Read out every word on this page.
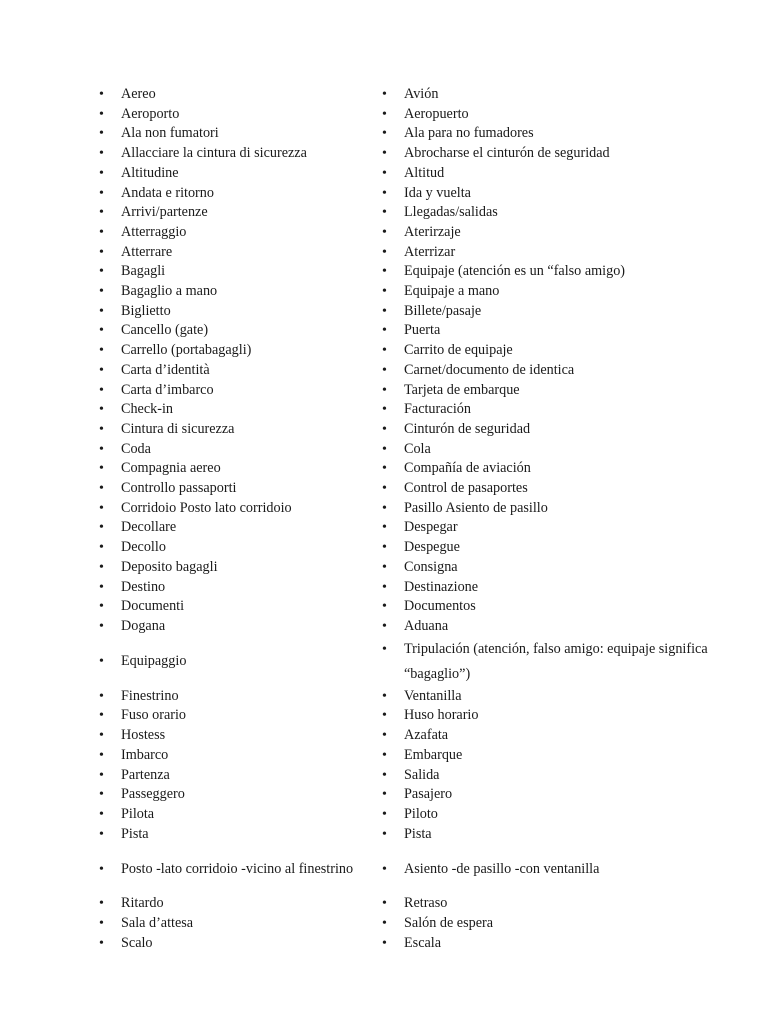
• Aereo	• Avión

• Aeroporto	• Aeropuerto

• Ala non fumatori	• Ala para no fumadores

• Allacciare la cintura di sicurezza	• Abrocharse el cinturón de seguridad

• Altitudine	• Altitud

• Andata e ritorno	• Ida y vuelta

• Arrivi/partenze	• Llegadas/salidas

• Atterraggio	• Aterirzaje

• Atterrare	• Aterrizar

• Bagagli	• Equipaje (atención es un “falso amigo)

• Bagaglio a mano	• Equipaje a mano

• Biglietto	• Billete/pasaje

• Cancello (gate)	• Puerta

• Carrello (portabagagli)	• Carrito de equipaje

• Carta d’identità	• Carnet/documento de identica

• Carta d’imbarco	• Tarjeta de embarque

• Check-in	• Facturación

• Cintura di sicurezza	• Cinturón de seguridad

• Coda	• Cola

• Compagnia aereo	• Compañía de aviación

• Controllo passaporti	• Control de pasaportes

• Corridoio Posto lato corridoio	• Pasillo Asiento de pasillo

• Decollare	• Despegar

• Decollo	• Despegue

• Deposito bagagli	• Consigna

• Destino	• Destinazione

• Documenti	• Documentos

• Dogana	• Aduana

• Equipaggio	• Tripulación (atención, falso amigo: equipaje significa “bagaglio”)

• Finestrino	• Ventanilla

• Fuso orario	• Huso horario

• Hostess	• Azafata

• Imbarco	• Embarque

• Partenza	• Salida

• Passeggero	• Pasajero

• Pilota	• Piloto

• Pista	• Pista

• Posto -lato corridoio -vicino al finestrino	• Asiento -de pasillo -con ventanilla

• Ritardo	• Retraso

• Sala d’attesa	• Salón de espera

• Scalo	• Escala
